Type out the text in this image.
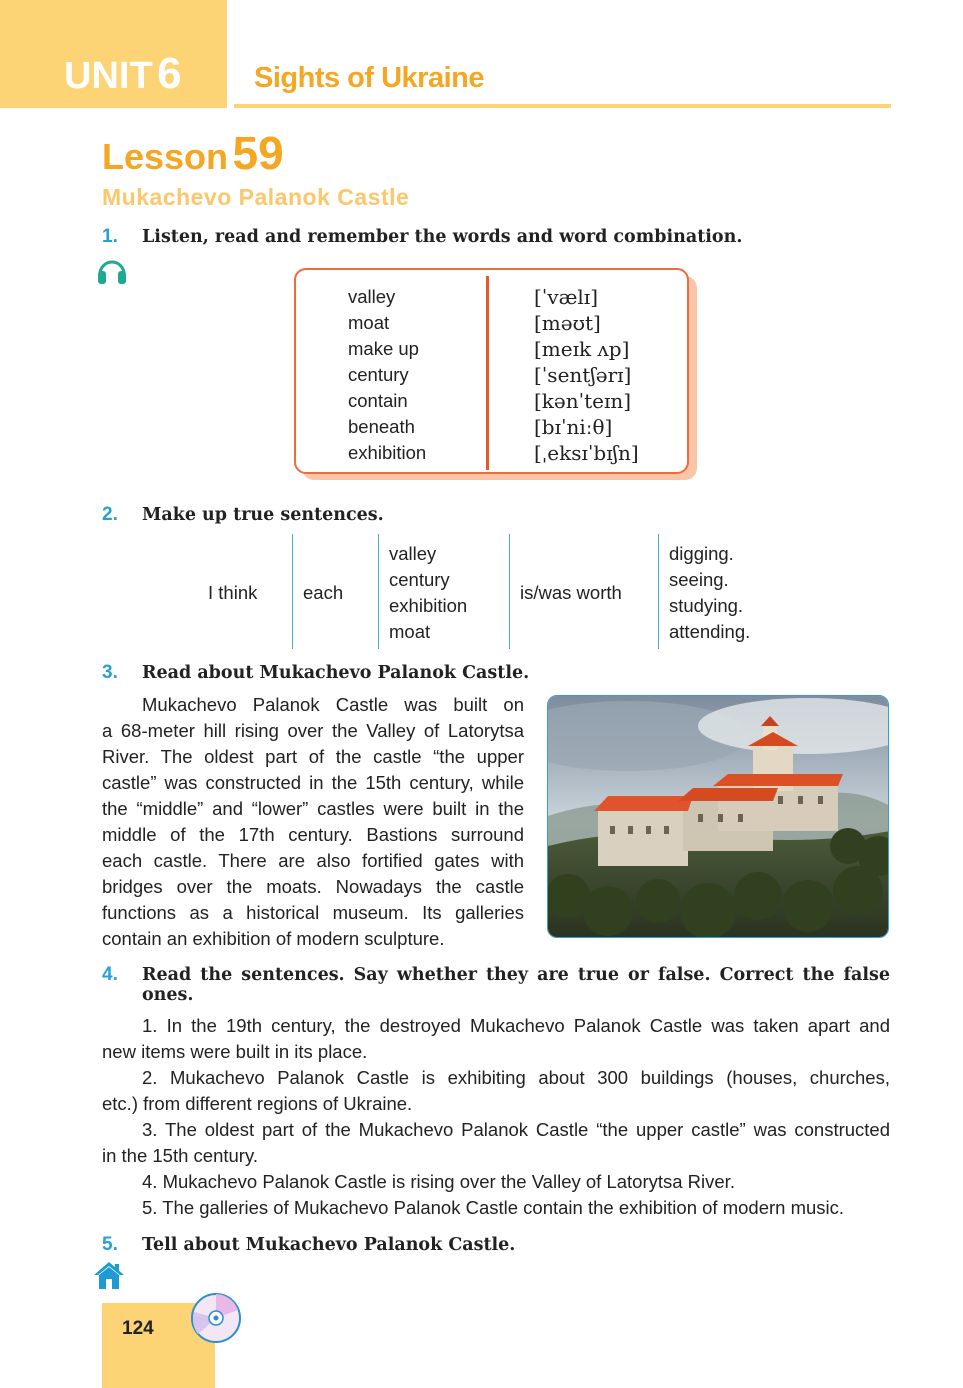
UNIT 6 Sights of Ukraine
Lesson 59
Mukachevo Palanok Castle
1. Listen, read and remember the words and word combination.
valley
moat
make up
century
contain
beneath
exhibition
[ˈvælɪ]
[məʊt]
[meɪk ʌp]
[ˈsentʃərɪ]
[kənˈteɪn]
[bɪˈniːθ]
[ˌeksɪˈbɪʃn]
2. Make up true sentences.
I think each
valley
century
exhibition
moat
is/was worth
digging.
seeing.
studying.
attending.
3. Read about Mukachevo Palanok Castle.
Mukachevo Palanok Castle was built on
a 68-meter hill rising over the Valley of Latorytsa
River. The oldest part of the castle “the upper
castle” was constructed in the 15th century, while
the “middle” and “lower” castles were built in the
middle of the 17th century. Bastions surround
each castle. There are also fortified gates with
bridges over the moats. Nowadays the castle
functions as a historical museum. Its galleries
contain an exhibition of modern sculpture.
4. Read the sentences. Say whether they are true or false. Correct the false
ones.
1. In the 19th century, the destroyed Mukachevo Palanok Castle was taken apart and
new items were built in its place.
2. Mukachevo Palanok Castle is exhibiting about 300 buildings (houses, churches,
etc.) from different regions of Ukraine.
3. The oldest part of the Mukachevo Palanok Castle “the upper castle” was constructed
in the 15th century.
4. Mukachevo Palanok Castle is rising over the Valley of Latorytsa River.
5. The galleries of Mukachevo Palanok Castle contain the exhibition of modern music.
5. Tell about Mukachevo Palanok Castle.
124
